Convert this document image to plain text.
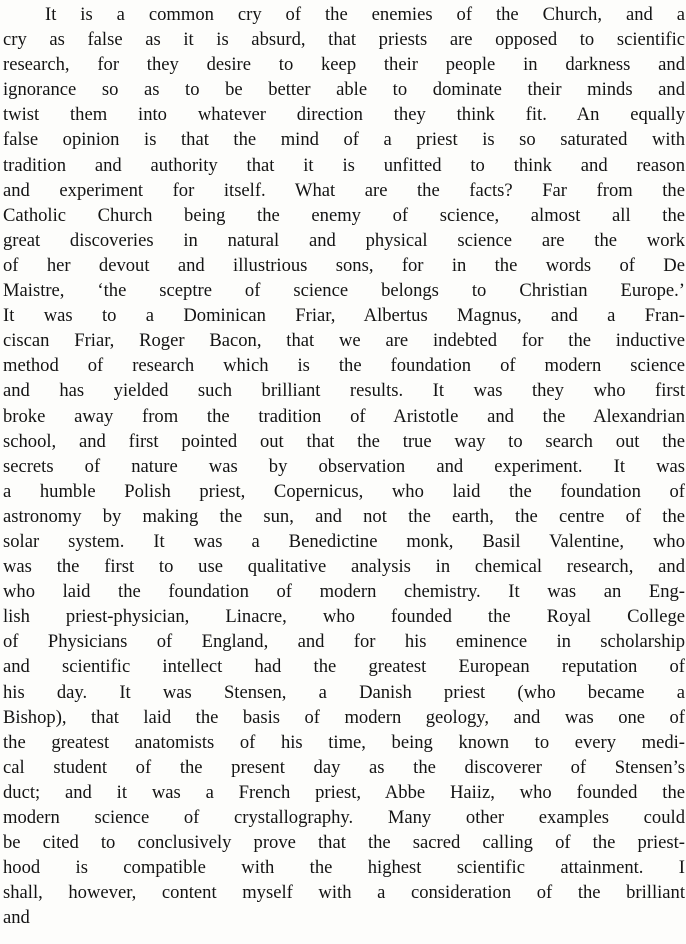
It is a common cry of the enemies of the Church, and a
cry as false as it is absurd, that priests are opposed to scientific
research, for they desire to keep their people in darkness and
ignorance so as to be better able to dominate their minds and
twist them into whatever direction they think fit. An equally
false opinion is that the mind of a priest is so saturated with
tradition and authority that it is unfitted to think and reason
and experiment for itself. What are the facts? Far from the
Catholic Church being the enemy of science, almost all the
great discoveries in natural and physical science are the work
of her devout and illustrious sons, for in the words of De
Maistre, ‘the sceptre of science belongs to Christian Europe.’
It was to a Dominican Friar, Albertus Magnus, and a Fran-
ciscan Friar, Roger Bacon, that we are indebted for the inductive
method of research which is the foundation of modern science
and has yielded such brilliant results. It was they who first
broke away from the tradition of Aristotle and the Alexandrian
school, and first pointed out that the true way to search out the
secrets of nature was by observation and experiment. It was
a humble Polish priest, Copernicus, who laid the foundation of
astronomy by making the sun, and not the earth, the centre of the
solar system. It was a Benedictine monk, Basil Valentine, who
was the first to use qualitative analysis in chemical research, and
who laid the foundation of modern chemistry. It was an Eng-
lish priest-physician, Linacre, who founded the Royal College
of Physicians of England, and for his eminence in scholarship
and scientific intellect had the greatest European reputation of
his day. It was Stensen, a Danish priest (who became a
Bishop), that laid the basis of modern geology, and was one of
the greatest anatomists of his time, being known to every medi-
cal student of the present day as the discoverer of Stensen’s
duct; and it was a French priest, Abbe Haiiz, who founded the
modern science of crystallography. Many other examples could
be cited to conclusively prove that the sacred calling of the priest-
hood is compatible with the highest scientific attainment. I
shall, however, content myself with a consideration of the brilliant
and
